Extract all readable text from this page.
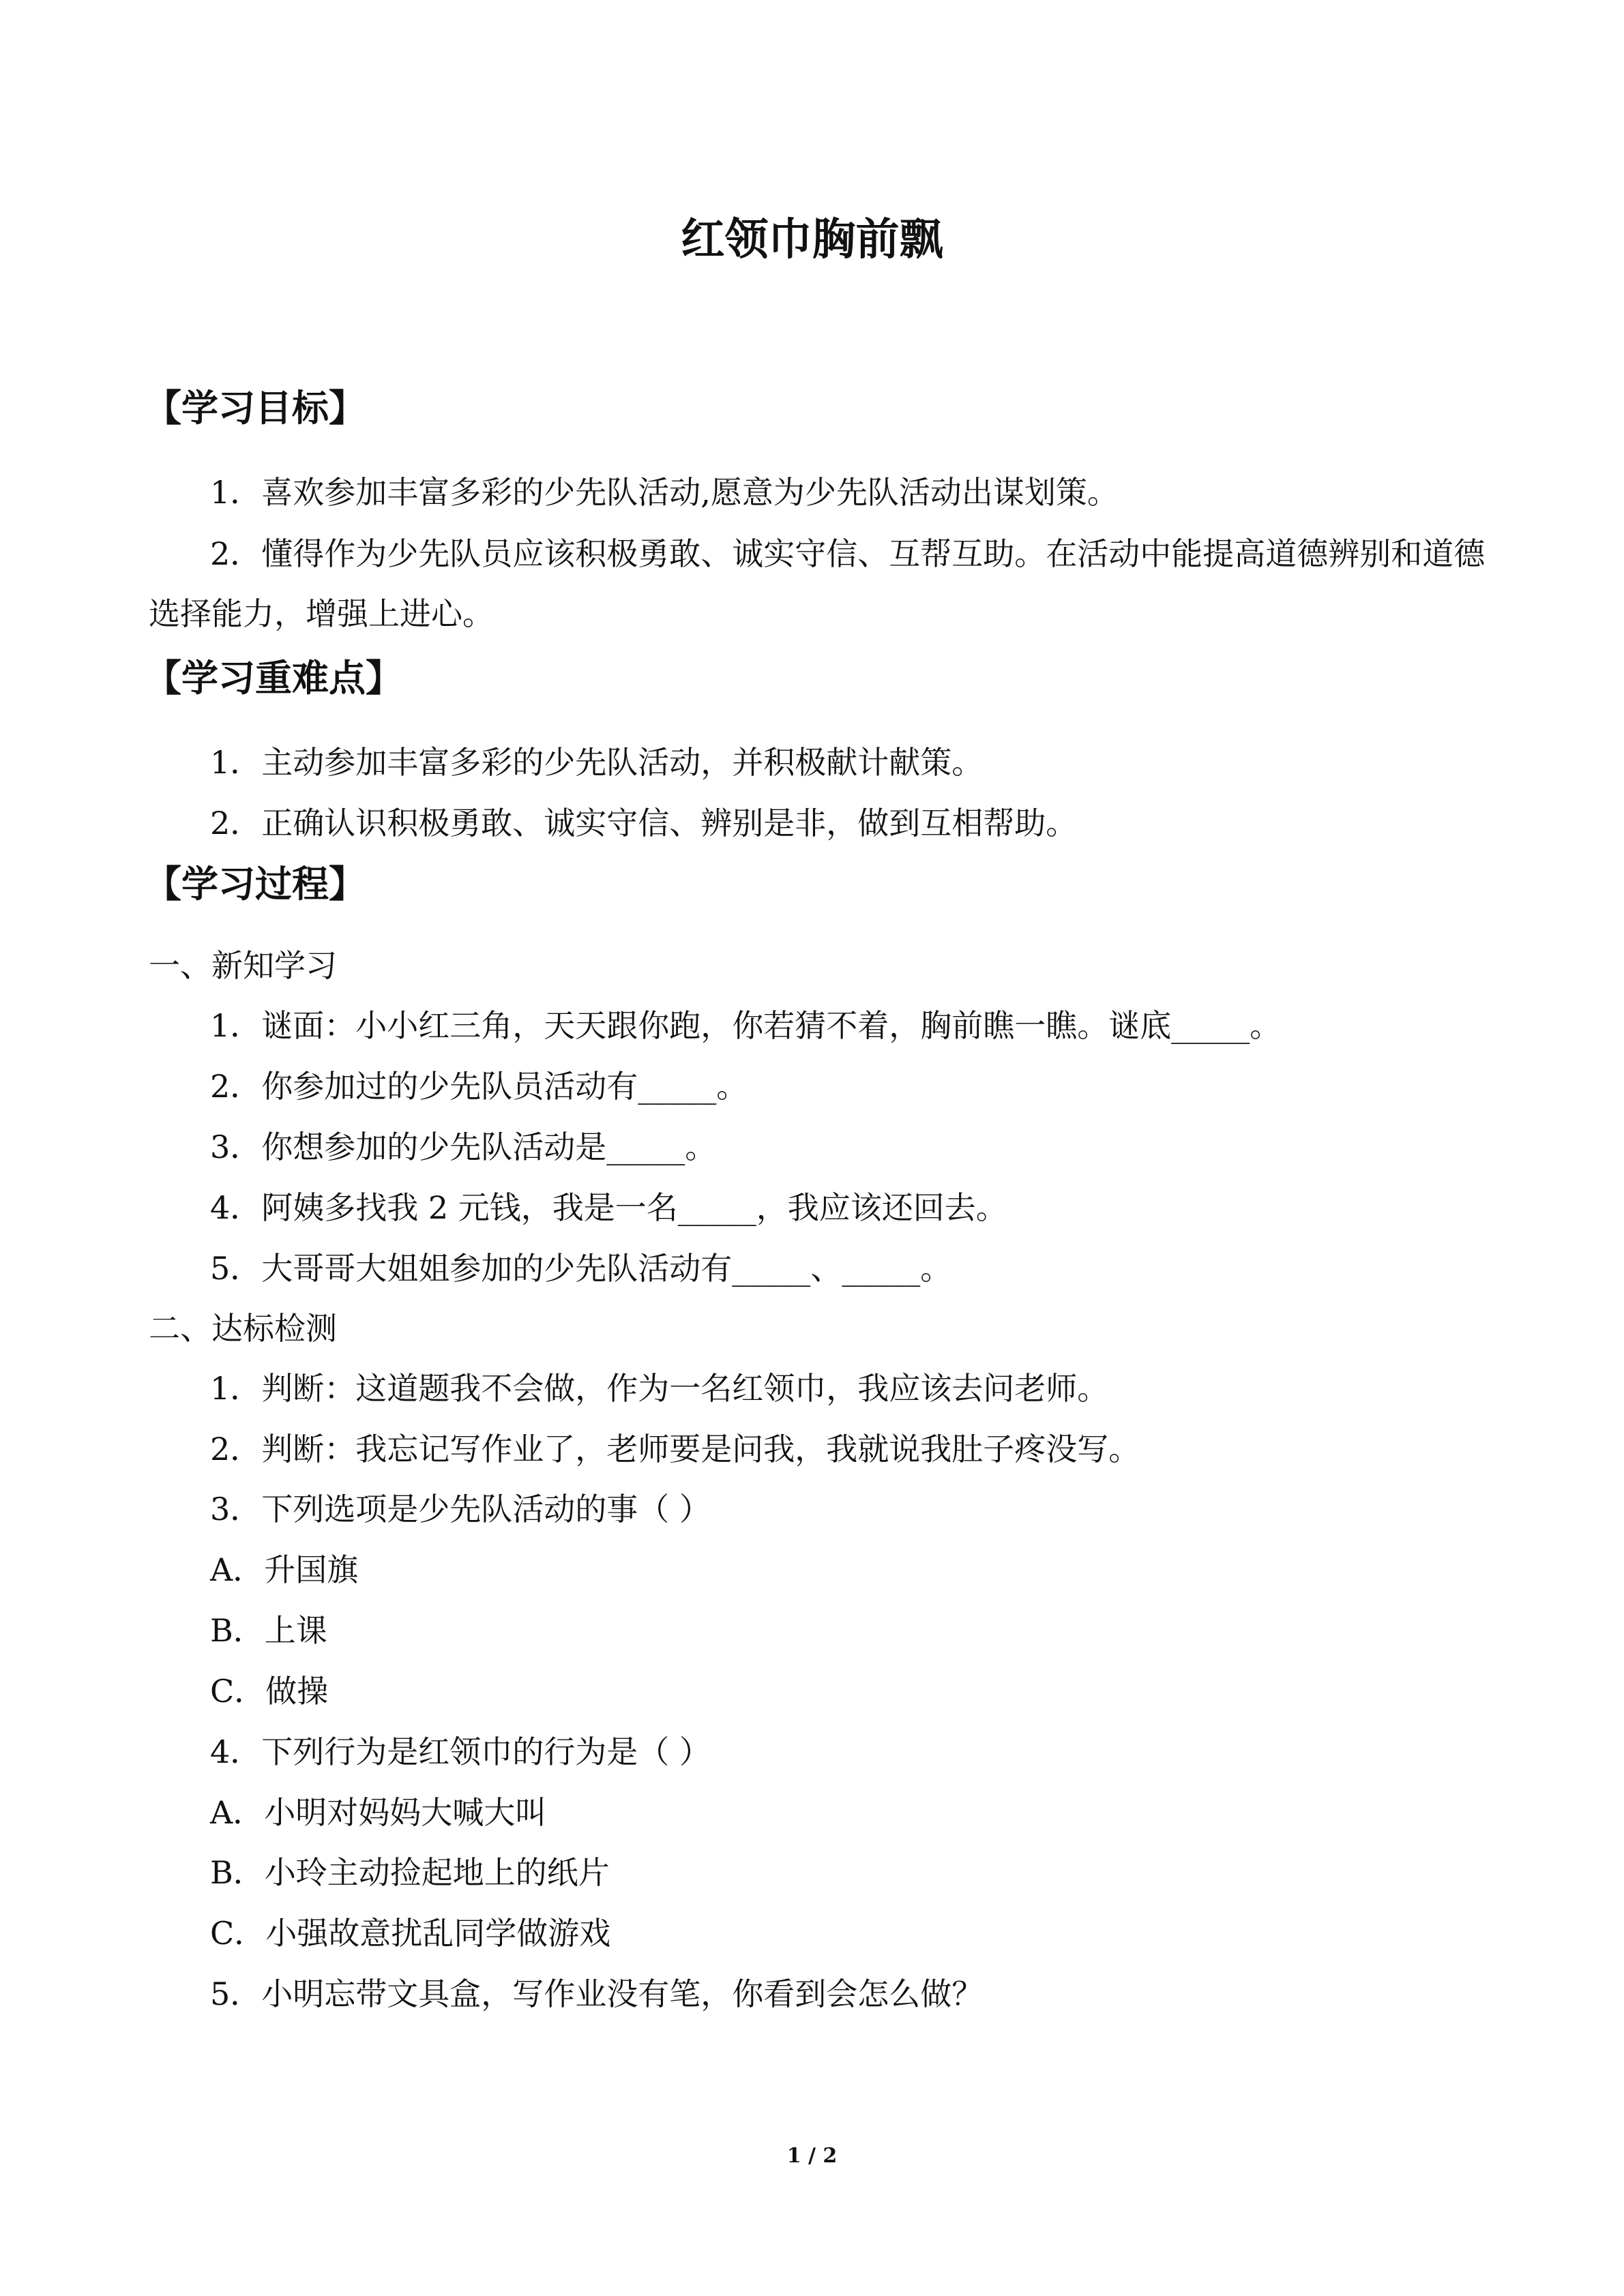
红领巾胸前飘
【学习目标】

1．喜欢参加丰富多彩的少先队活动,愿意为少先队活动出谋划策。

2．懂得作为少先队员应该积极勇敢、诚实守信、互帮互助。在活动中能提高道德辨别和道德选择能力，增强上进心。

【学习重难点】

1．主动参加丰富多彩的少先队活动，并积极献计献策。

2．正确认识积极勇敢、诚实守信、辨别是非，做到互相帮助。

【学习过程】

一、新知学习

1．谜面：小小红三角，天天跟你跑，你若猜不着，胸前瞧一瞧。谜底_____。

2．你参加过的少先队员活动有_____。

3．你想参加的少先队活动是_____。

4．阿姨多找我 2 元钱，我是一名_____，我应该还回去。

5．大哥哥大姐姐参加的少先队活动有_____、_____。

二、达标检测

1．判断：这道题我不会做，作为一名红领巾，我应该去问老师。

2．判断：我忘记写作业了，老师要是问我，我就说我肚子疼没写。

3．下列选项是少先队活动的事（ ）

A．升国旗

B．上课

C．做操

4．下列行为是红领巾的行为是（ ）

A．小明对妈妈大喊大叫

B．小玲主动捡起地上的纸片

C．小强故意扰乱同学做游戏

5．小明忘带文具盒，写作业没有笔，你看到会怎么做？

1 / 2
